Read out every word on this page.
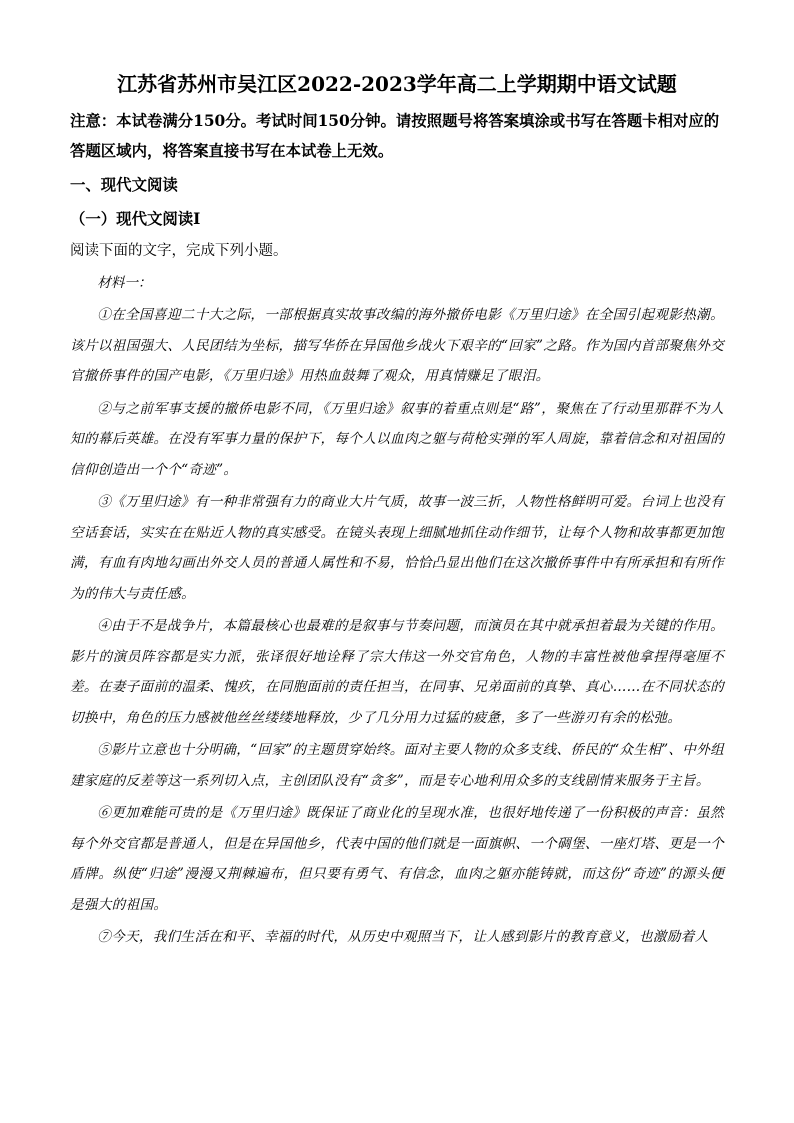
江苏省苏州市吴江区2022-2023学年高二上学期期中语文试题
注意：本试卷满分150分。考试时间150分钟。请按照题号将答案填涂或书写在答题卡相对应的答题区域内，将答案直接书写在本试卷上无效。
一、现代文阅读
（一）现代文阅读Ⅰ
阅读下面的文字，完成下列小题。
材料一：
①在全国喜迎二十大之际，一部根据真实故事改编的海外撤侨电影《万里归途》在全国引起观影热潮。该片以祖国强大、人民团结为坐标，描写华侨在异国他乡战火下艰辛的“回家”之路。作为国内首部聚焦外交官撤侨事件的国产电影，《万里归途》用热血鼓舞了观众，用真情赚足了眼泪。
②与之前军事支援的撤侨电影不同，《万里归途》叙事的着重点则是“路”，聚焦在了行动里那群不为人知的幕后英雄。在没有军事力量的保护下，每个人以血肉之躯与荷枪实弹的军人周旋，靠着信念和对祖国的信仰创造出一个个“奇迹”。
③《万里归途》有一种非常强有力的商业大片气质，故事一波三折，人物性格鲜明可爱。台词上也没有空话套话，实实在在贴近人物的真实感受。在镜头表现上细腻地抓住动作细节，让每个人物和故事都更加饱满，有血有肉地勾画出外交人员的普通人属性和不易，恰恰凸显出他们在这次撤侨事件中有所承担和有所作为的伟大与责任感。
④由于不是战争片，本篇最核心也最难的是叙事与节奏问题，而演员在其中就承担着最为关键的作用。影片的演员阵容都是实力派，张译很好地诠释了宗大伟这一外交官角色，人物的丰富性被他拿捏得毫厘不差。在妻子面前的温柔、愧疚，在同胞面前的责任担当，在同事、兄弟面前的真挚、真心……在不同状态的切换中，角色的压力感被他丝丝缕缕地释放，少了几分用力过猛的疲惫，多了一些游刃有余的松弛。
⑤影片立意也十分明确，“回家”的主题贯穿始终。面对主要人物的众多支线、侨民的“众生相”、中外组建家庭的反差等这一系列切入点，主创团队没有“贪多”，而是专心地利用众多的支线剧情来服务于主旨。
⑥更加难能可贵的是《万里归途》既保证了商业化的呈现水准，也很好地传递了一份积极的声音：虽然每个外交官都是普通人，但是在异国他乡，代表中国的他们就是一面旗帜、一个碉堡、一座灯塔、更是一个盾牌。纵使“归途”漫漫又荆棘遍布，但只要有勇气、有信念，血肉之躯亦能铸就，而这份“奇迹”的源头便是强大的祖国。
⑦今天，我们生活在和平、幸福的时代，从历史中观照当下，让人感到影片的教育意义，也激励着人
